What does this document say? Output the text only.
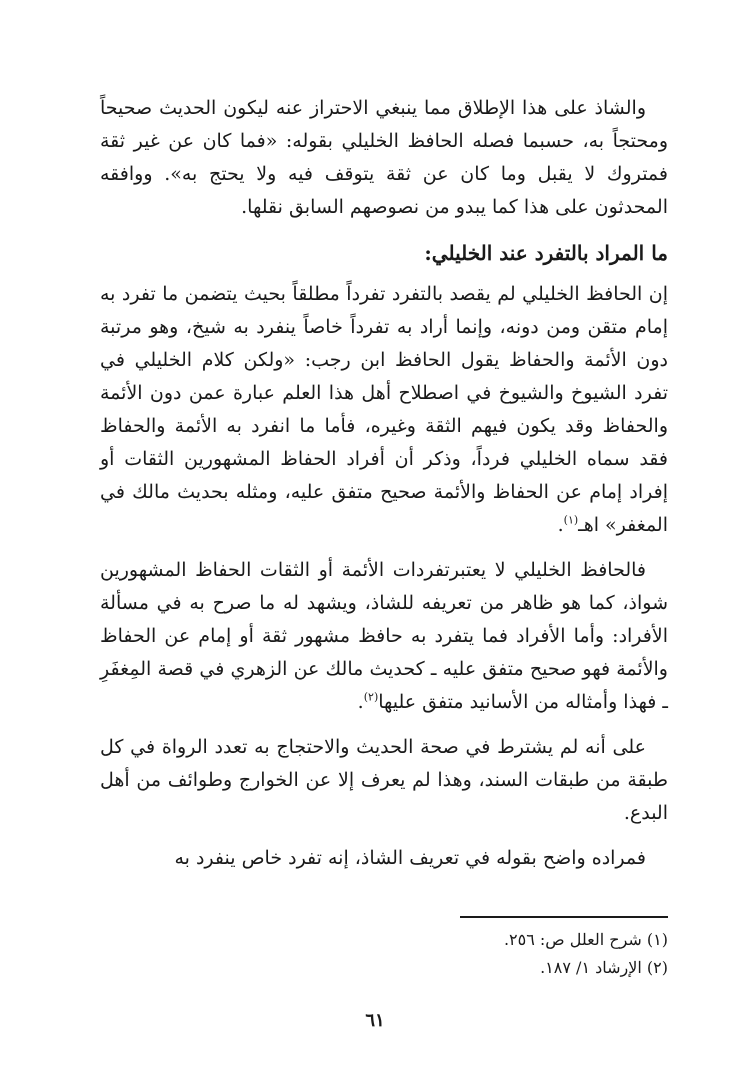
والشاذ على هذا الإطلاق مما ينبغي الاحتراز عنه ليكون الحديث صحيحاً ومحتجاً به، حسبما فصله الحافظ الخليلي بقوله: «فما كان عن غير ثقة فمتروك لا يقبل وما كان عن ثقة يتوقف فيه ولا يحتج به». ووافقه المحدثون على هذا كما يبدو من نصوصهم السابق نقلها.

ما المراد بالتفرد عند الخليلي:

إن الحافظ الخليلي لم يقصد بالتفرد تفرداً مطلقاً بحيث يتضمن ما تفرد به إمام متقن ومن دونه، وإنما أراد به تفرداً خاصاً ينفرد به شيخ، وهو مرتبة دون الأئمة والحفاظ يقول الحافظ ابن رجب: «ولكن كلام الخليلي في تفرد الشيوخ والشيوخ في اصطلاح أهل هذا العلم عبارة عمن دون الأئمة والحفاظ وقد يكون فيهم الثقة وغيره، فأما ما انفرد به الأئمة والحفاظ فقد سماه الخليلي فرداً، وذكر أن أفراد الحفاظ المشهورين الثقات أو إفراد إمام عن الحفاظ والأئمة صحيح متفق عليه، ومثله بحديث مالك في المغفر» اهـ$^{(١)}$.

فالحافظ الخليلي لا يعتبرتفردات الأئمة أو الثقات الحفاظ المشهورين شواذ، كما هو ظاهر من تعريفه للشاذ، ويشهد له ما صرح به في مسألة الأفراد: وأما الأفراد فما يتفرد به حافظ مشهور ثقة أو إمام عن الحفاظ والأئمة فهو صحيح متفق عليه ـ كحديث مالك عن الزهري في قصة المِغفَرِ ـ فهذا وأمثاله من الأسانيد متفق عليها$^{(٢)}$.

على أنه لم يشترط في صحة الحديث والاحتجاج به تعدد الرواة في كل طبقة من طبقات السند، وهذا لم يعرف إلا عن الخوارج وطوائف من أهل البدع.

فمراده واضح بقوله في تعريف الشاذ، إنه تفرد خاص ينفرد به

(١) شرح العلل ص: ٢٥٦.

(٢) الإرشاد ١/ ١٨٧.

٦١
